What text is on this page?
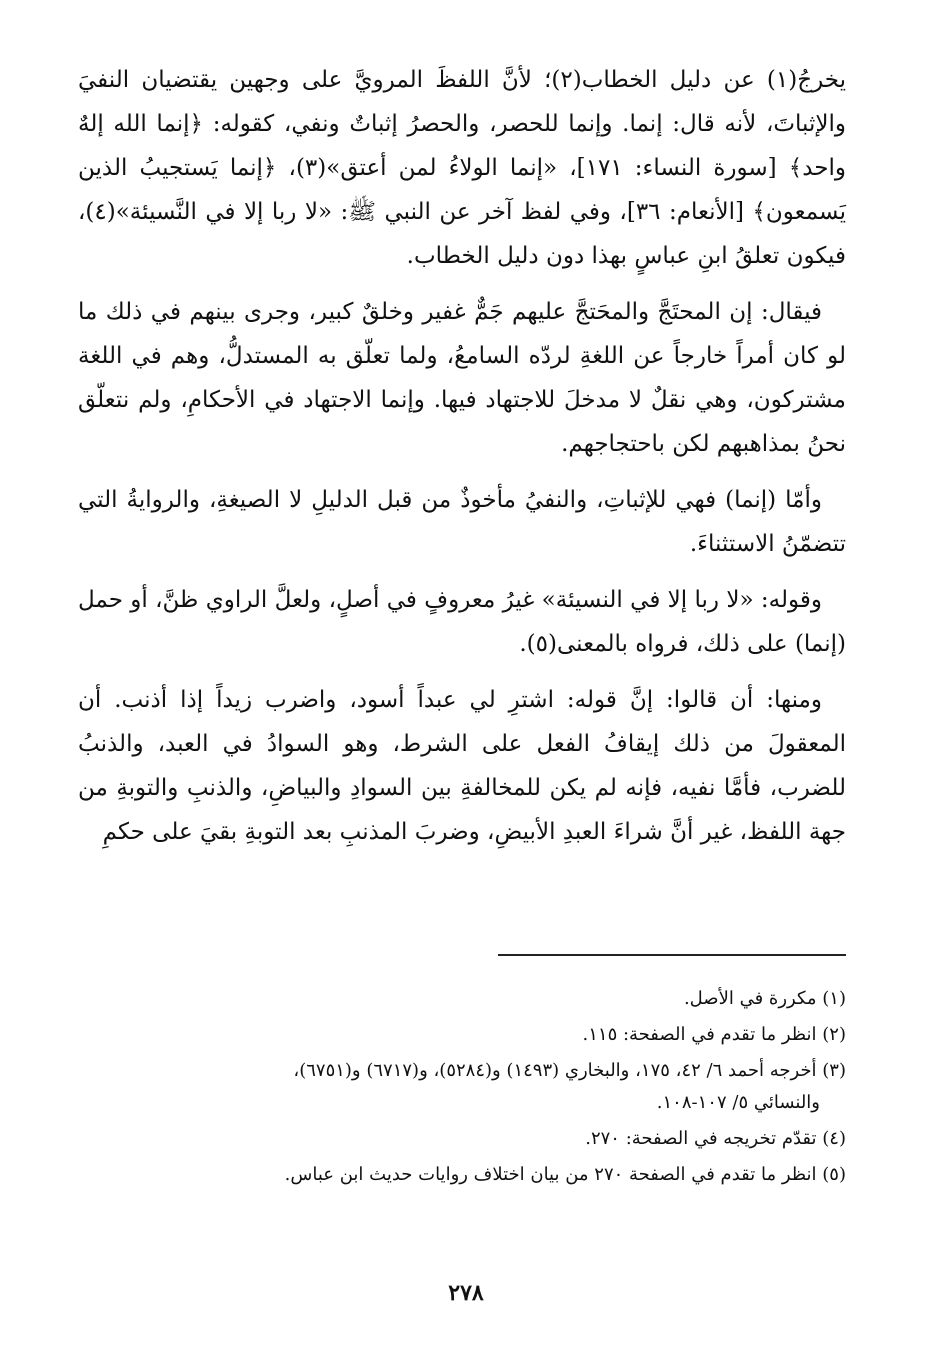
يخرجُ(١) عن دليل الخطاب(٢)؛ لأنَّ اللفظَ المرويَّ على وجهين يقتضيان النفيَ والإثباتَ، لأنه قال: إنما. وإنما للحصر، والحصرُ إثباتٌ ونفي، كقوله: ﴿إنما الله إلهٌ واحد﴾ [سورة النساء: ١٧١]، «إنما الولاءُ لمن أعتق»(٣)، ﴿إنما يَستجيبُ الذين يَسمعون﴾ [الأنعام: ٣٦]، وفي لفظ آخر عن النبي ﷺ: «لا ربا إلا في النَّسيئة»(٤)، فيكون تعلقُ ابنِ عباسٍ بهذا دون دليل الخطاب.

فيقال: إن المحتَجَّ والمحَتجَّ عليهم جَمٌّ غفير وخلقٌ كبير، وجرى بينهم في ذلك ما لو كان أمراً خارجاً عن اللغةِ لردّه السامعُ، ولما تعلّق به المستدلُّ، وهم في اللغة مشتركون، وهي نقلٌ لا مدخلَ للاجتهاد فيها. وإنما الاجتهاد في الأحكامِ، ولم نتعلّق نحنُ بمذاهبهم لكن باحتجاجهم.

وأمّا (إنما) فهي للإثباتِ، والنفيُ مأخوذٌ من قبل الدليلِ لا الصيغةِ، والروايةُ التي تتضمّنُ الاستثناءَ.

وقوله: «لا ربا إلا في النسيئة» غيرُ معروفٍ في أصلٍ، ولعلَّ الراوي ظنَّ، أو حمل (إنما) على ذلك، فرواه بالمعنى(٥).

ومنها: أن قالوا: إنَّ قوله: اشترِ لي عبداً أسود، واضرب زيداً إذا أذنب. أن المعقولَ من ذلك إيقافُ الفعل على الشرط، وهو السوادُ في العبد، والذنبُ للضرب، فأمَّا نفيه، فإنه لم يكن للمخالفةِ بين السوادِ والبياضِ، والذنبِ والتوبةِ من جهة اللفظ، غير أنَّ شراءَ العبدِ الأبيضِ، وضربَ المذنبِ بعد التوبةِ بقيَ على حكمِ

(١) مكررة في الأصل.

(٢) انظر ما تقدم في الصفحة: ١١٥.

(٣) أخرجه أحمد ٦/ ٤٢، ١٧٥، والبخاري (١٤٩٣) و(٥٢٨٤)، و(٦٧١٧) و(٦٧٥١)،

والنسائي ٥/ ١٠٧-١٠٨.

(٤) تقدّم تخريجه في الصفحة: ٢٧٠.

(٥) انظر ما تقدم في الصفحة ٢٧٠ من بيان اختلاف روايات حديث ابن عباس.

٢٧٨
